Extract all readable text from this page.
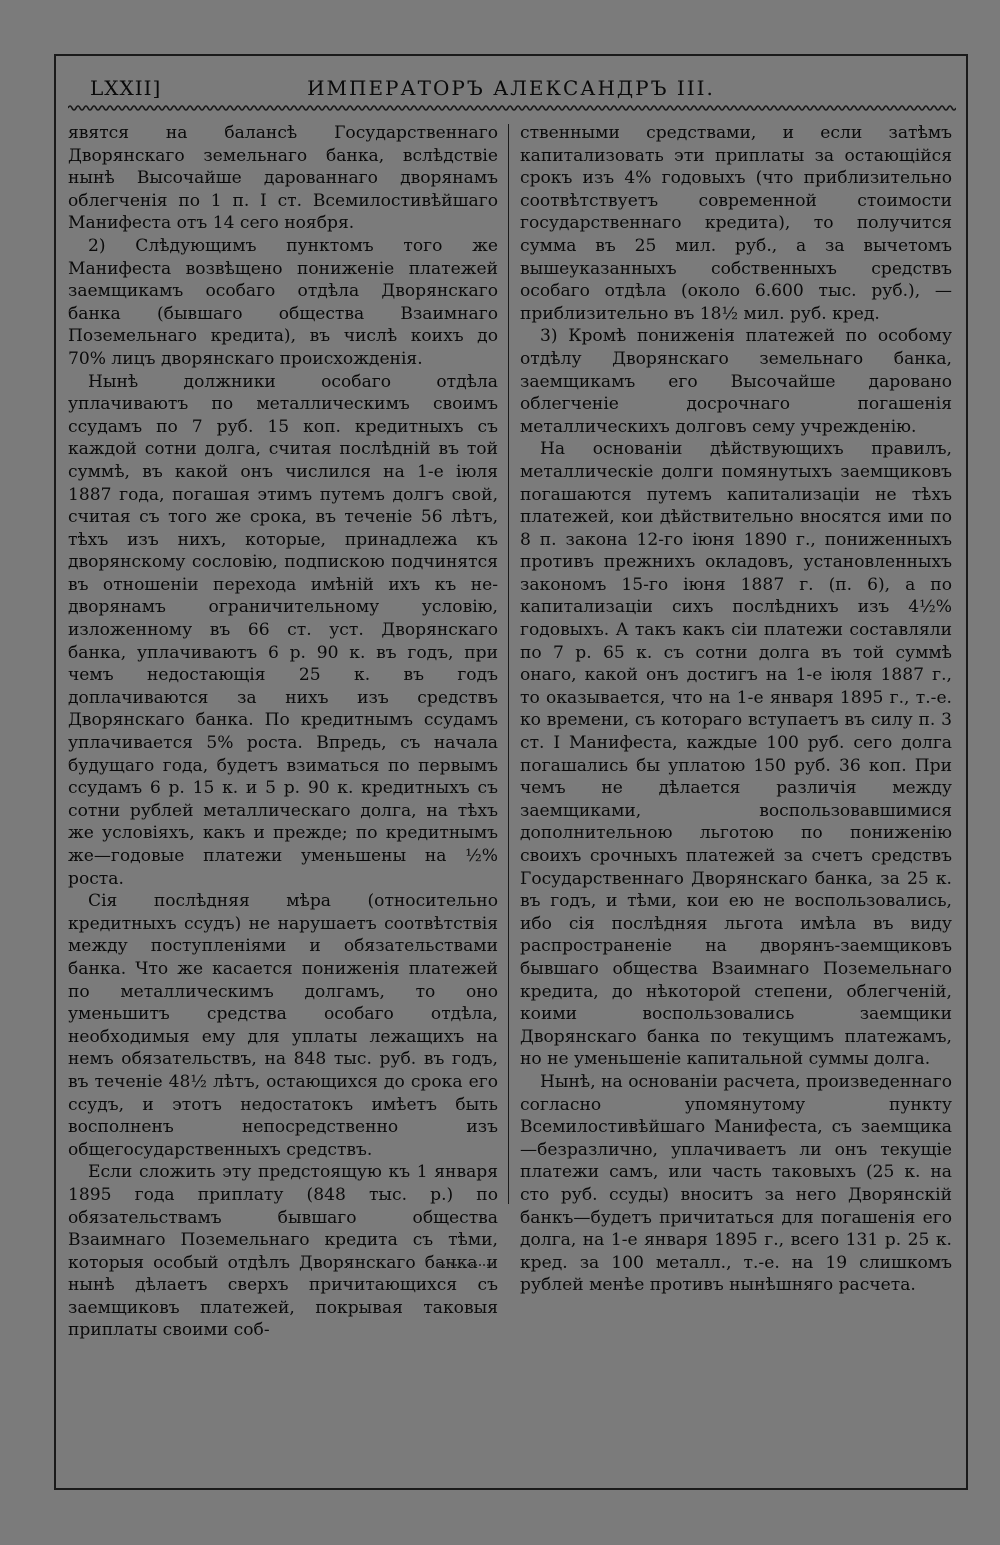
LXXII]	ИМПЕРАТОРЪ АЛЕКСАНДРЪ III.

явятся на балансѣ Государственнаго Дворянскаго земельнаго банка, вслѣдствіе нынѣ Высочайше дарованнаго дворянамъ облегченія по 1 п. I ст. Всемилостивѣйшаго Манифеста отъ 14 сего ноября.

2) Слѣдующимъ пунктомъ того же Манифеста возвѣщено пониженіе платежей заемщикамъ особаго отдѣла Дворянскаго банка (бывшаго общества Взаимнаго Поземельнаго кредита), въ числѣ коихъ до 70% лицъ дворянскаго происхожденія.

Нынѣ должники особаго отдѣла уплачиваютъ по металлическимъ своимъ ссудамъ по 7 руб. 15 коп. кредитныхъ съ каждой сотни долга, считая послѣдній въ той суммѣ, въ какой онъ числился на 1-е іюля 1887 года, погашая этимъ путемъ долгъ свой, считая съ того же срока, въ теченіе 56 лѣтъ, тѣхъ изъ нихъ, которые, принадлежа къ дворянскому сословію, подпискою подчинятся въ отношеніи перехода имѣній ихъ къ не-дворянамъ ограничительному условію, изложенному въ 66 ст. уст. Дворянскаго банка, уплачиваютъ 6 р. 90 к. въ годъ, при чемъ недостающія 25 к. въ годъ доплачиваются за нихъ изъ средствъ Дворянскаго банка. По кредитнымъ ссудамъ уплачивается 5% роста. Впредь, съ начала будущаго года, будетъ взиматься по первымъ ссудамъ 6 р. 15 к. и 5 р. 90 к. кредитныхъ съ сотни рублей металлическаго долга, на тѣхъ же условіяхъ, какъ и прежде; по кредитнымъ же—годовые платежи уменьшены на ½% роста.

Сія послѣдняя мѣра (относительно кредитныхъ ссудъ) не нарушаетъ соотвѣтствія между поступленіями и обязательствами банка. Что же касается пониженія платежей по металлическимъ долгамъ, то оно уменьшитъ средства особаго отдѣла, необходимыя ему для уплаты лежащихъ на немъ обязательствъ, на 848 тыс. руб. въ годъ, въ теченіе 48½ лѣтъ, остающихся до срока его ссудъ, и этотъ недостатокъ имѣетъ быть восполненъ непосредственно изъ общегосударственныхъ средствъ.

Если сложить эту предстоящую къ 1 января 1895 года приплату (848 тыс. р.) по обязательствамъ бывшаго общества Взаимнаго Поземельнаго кредита съ тѣми, которыя особый отдѣлъ Дворянскаго банка и нынѣ дѣлаетъ сверхъ причитающихся съ заемщиковъ платежей, покрывая таковыя приплаты своими соб-

ственными средствами, и если затѣмъ капитализовать эти приплаты за остающійся срокъ изъ 4% годовыхъ (что приблизительно соотвѣтствуетъ современной стоимости государственнаго кредита), то получится сумма въ 25 мил. руб., а за вычетомъ вышеуказанныхъ собственныхъ средствъ особаго отдѣла (около 6.600 тыс. руб.), — приблизительно въ 18½ мил. руб. кред.

3) Кромѣ пониженія платежей по особому отдѣлу Дворянскаго земельнаго банка, заемщикамъ его Высочайше даровано облегченіе досрочнаго погашенія металлическихъ долговъ сему учрежденію.

На основаніи дѣйствующихъ правилъ, металлическіе долги помянутыхъ заемщиковъ погашаются путемъ капитализаціи не тѣхъ платежей, кои дѣйствительно вносятся ими по 8 п. закона 12-го іюня 1890 г., пониженныхъ противъ прежнихъ окладовъ, установленныхъ закономъ 15-го іюня 1887 г. (п. 6), а по капитализаціи сихъ послѣднихъ изъ 4½% годовыхъ. А такъ какъ сіи платежи составляли по 7 р. 65 к. съ сотни долга въ той суммѣ онаго, какой онъ достигъ на 1-е іюля 1887 г., то оказывается, что на 1-е января 1895 г., т.-е. ко времени, съ котораго вступаетъ въ силу п. 3 ст. I Манифеста, каждые 100 руб. сего долга погашались бы уплатою 150 руб. 36 коп. При чемъ не дѣлается различія между заемщиками, воспользовавшимися дополнительною льготою по пониженію своихъ срочныхъ платежей за счетъ средствъ Государственнаго Дворянскаго банка, за 25 к. въ годъ, и тѣми, кои ею не воспользовались, ибо сія послѣдняя льгота имѣла въ виду распространеніе на дворянъ-заемщиковъ бывшаго общества Взаимнаго Поземельнаго кредита, до нѣкоторой степени, облегченій, коими воспользовались заемщики Дворянскаго банка по текущимъ платежамъ, но не уменьшеніе капитальной суммы долга.

Нынѣ, на основаніи расчета, произведеннаго согласно упомянутому пункту Всемилостивѣйшаго Манифеста, съ заемщика—безразлично, уплачиваетъ ли онъ текущіе платежи самъ, или часть таковыхъ (25 к. на сто руб. ссуды) вноситъ за него Дворянскій банкъ—будетъ причитаться для погашенія его долга, на 1-е января 1895 г., всего 131 р. 25 к. кред. за 100 металл., т.-е. на 19 слишкомъ рублей менѣе противъ нынѣшняго расчета.
